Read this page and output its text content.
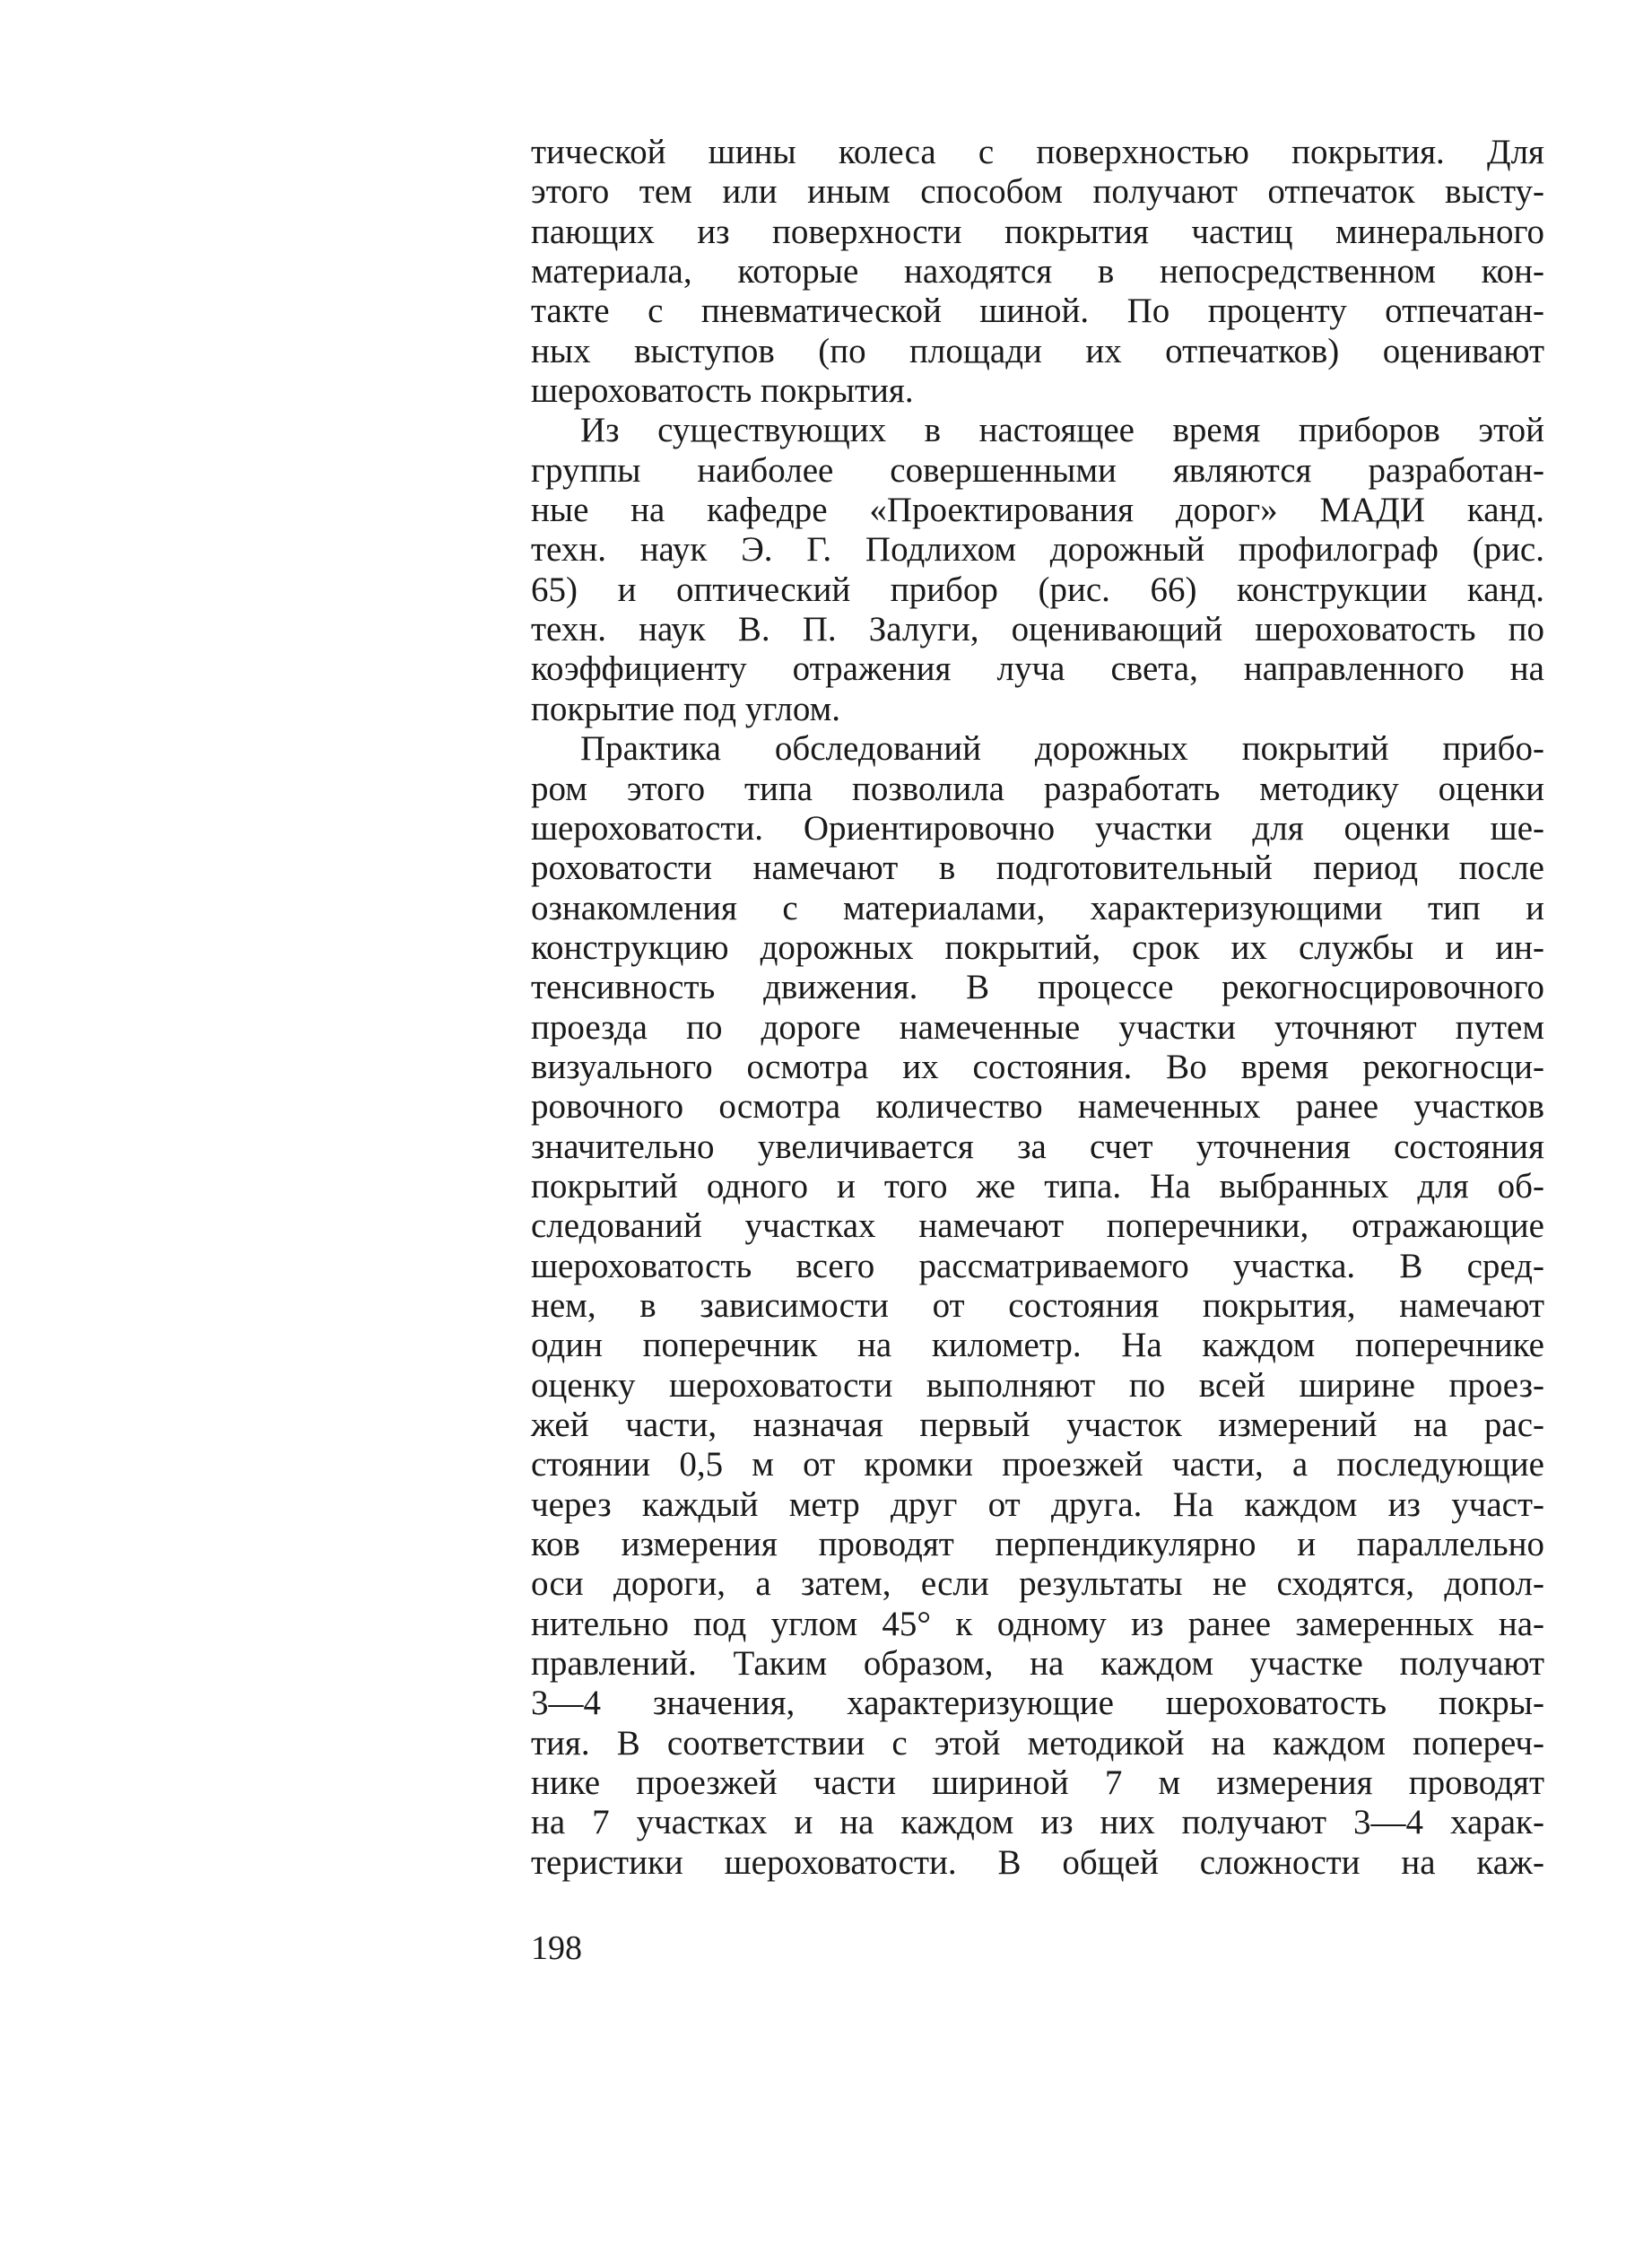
тической шины колеса с поверхностью покрытия. Для
этого тем или иным способом получают отпечаток высту-
пающих из поверхности покрытия частиц минерального
материала, которые находятся в непосредственном кон-
такте с пневматической шиной. По проценту отпечатан-
ных выступов (по площади их отпечатков) оценивают
шероховатость покрытия.
Из существующих в настоящее время приборов этой
группы наиболее совершенными являются разработан-
ные на кафедре «Проектирования дорог» МАДИ канд.
техн. наук Э. Г. Подлихом дорожный профилограф (рис.
65) и оптический прибор (рис. 66) конструкции канд.
техн. наук В. П. Залуги, оценивающий шероховатость по
коэффициенту отражения луча света, направленного на
покрытие под углом.
Практика обследований дорожных покрытий прибо-
ром этого типа позволила разработать методику оценки
шероховатости. Ориентировочно участки для оценки ше-
роховатости намечают в подготовительный период после
ознакомления с материалами, характеризующими тип и
конструкцию дорожных покрытий, срок их службы и ин-
тенсивность движения. В процессе рекогносцировочного
проезда по дороге намеченные участки уточняют путем
визуального осмотра их состояния. Во время рекогносци-
ровочного осмотра количество намеченных ранее участков
значительно увеличивается за счет уточнения состояния
покрытий одного и того же типа. На выбранных для об-
следований участках намечают поперечники, отражающие
шероховатость всего рассматриваемого участка. В сред-
нем, в зависимости от состояния покрытия, намечают
один поперечник на километр. На каждом поперечнике
оценку шероховатости выполняют по всей ширине проез-
жей части, назначая первый участок измерений на рас-
стоянии 0,5 м от кромки проезжей части, а последующие
через каждый метр друг от друга. На каждом из участ-
ков измерения проводят перпендикулярно и параллельно
оси дороги, а затем, если результаты не сходятся, допол-
нительно под углом 45° к одному из ранее замеренных на-
правлений. Таким образом, на каждом участке получают
3—4 значения, характеризующие шероховатость покры-
тия. В соответствии с этой методикой на каждом попереч-
нике проезжей части шириной 7 м измерения проводят
на 7 участках и на каждом из них получают 3—4 харак-
теристики шероховатости. В общей сложности на каж-
198
